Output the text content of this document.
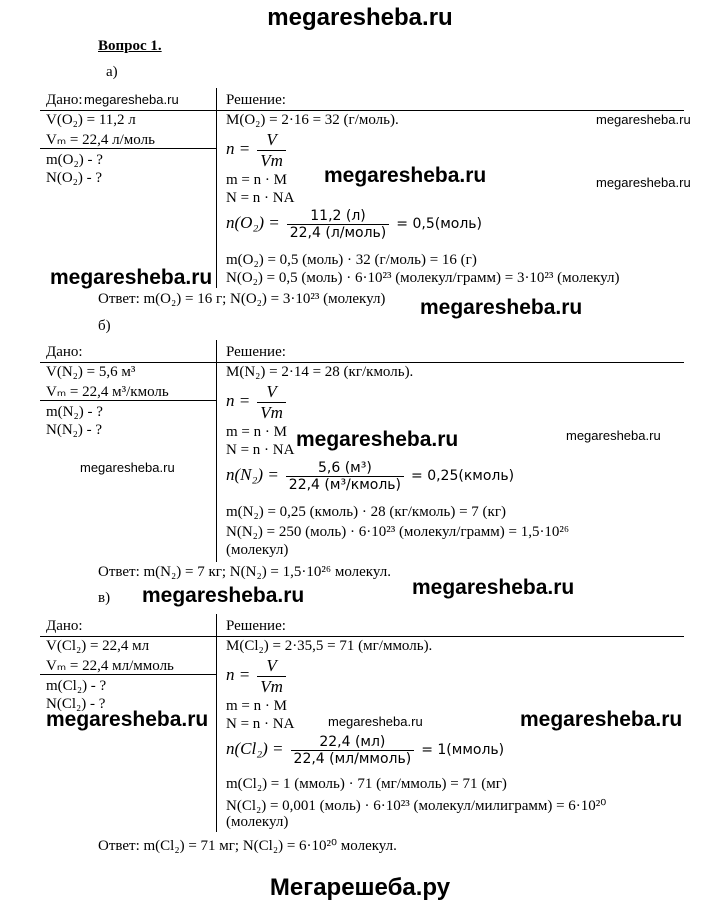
megaresheba.ru
Вопрос 1.
а)
Дано:	Решение:
V(O₂) = 11,2 л
Vₘ = 22,4 л/моль
m(O₂) - ?
N(O₂) - ?
M(O₂) = 2·16 = 32 (г/моль).
$n = \frac{V}{Vm}$
m = n · M
N = n · NA
$n(O_2) = \frac{11,2 (л)}{\text{22,4 (л/моль)}}$ = 0,5(моль)
m(O₂) = 0,5 (моль) · 32 (г/моль) = 16 (г)
N(O₂) = 0,5 (моль) · 6·10²³ (молекул/грамм) = 3·10²³ (молекул)
Ответ: m(O₂) = 16 г; N(O₂) = 3·10²³ (молекул)
б)
Дано:	Решение:
V(N₂) = 5,6 м³
Vₘ = 22,4 м³/кмоль
m(N₂) - ?
N(N₂) - ?
M(N₂) = 2·14 = 28 (кг/кмоль).
$n = \frac{V}{Vm}$
m = n · M
N = n · NA
$n(N_2) = \frac{\text{5,6 (м³)}}{\text{22,4 (м³/кмоль)}}$ = 0,25(кмоль)
m(N₂) = 0,25 (кмоль) · 28 (кг/кмоль) = 7 (кг)
N(N₂) = 250 (моль) · 6·10²³ (молекул/грамм) = 1,5·10²⁶
(молекул)
Ответ: m(N₂) = 7 кг; N(N₂) = 1,5·10²⁶ молекул.
в)
Дано:	Решение:
V(Cl₂) = 22,4 мл
Vₘ = 22,4 мл/ммоль
m(Cl₂) - ?
N(Cl₂) - ?
M(Cl₂) = 2·35,5 = 71 (мг/ммоль).
$n = \frac{V}{Vm}$
m = n · M
N = n · NA
$n(Cl_2) = \frac{22,4 (мл)}{\text{22,4 (мл/ммоль)}}$ = 1(ммоль)
m(Cl₂) = 1 (ммоль) · 71 (мг/ммоль) = 71 (мг)
N(Cl₂) = 0,001 (моль) · 6·10²³ (молекул/милиграмм) = 6·10²⁰
(молекул)
Ответ: m(Cl₂) = 71 мг; N(Cl₂) = 6·10²⁰ молекул.
megaresheba.ru
megaresheba.ru
megaresheba.ru	megaresheba.ru
megaresheba.ru
megaresheba.ru
megaresheba.ru	megaresheba.ru
megaresheba.ru
megaresheba.ru
megaresheba.ru
megaresheba.ru	megaresheba.ru	megaresheba.ru
Мегарешеба.ру
